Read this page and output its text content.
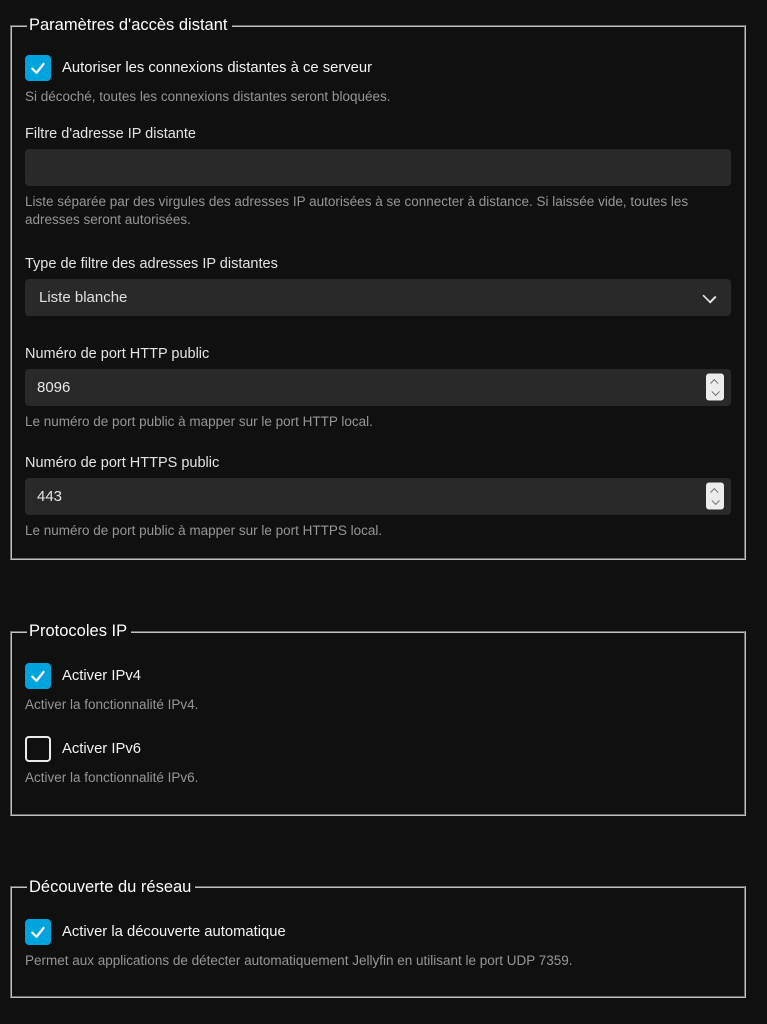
Paramètres d'accès distant
Autoriser les connexions distantes à ce serveur
Si décoché, toutes les connexions distantes seront bloquées.
Filtre d'adresse IP distante
Liste séparée par des virgules des adresses IP autorisées à se connecter à distance. Si laissée vide, toutes les adresses seront autorisées.
Type de filtre des adresses IP distantes
Liste blanche
Numéro de port HTTP public
8096
Le numéro de port public à mapper sur le port HTTP local.
Numéro de port HTTPS public
443
Le numéro de port public à mapper sur le port HTTPS local.
Protocoles IP
Activer IPv4
Activer la fonctionnalité IPv4.
Activer IPv6
Activer la fonctionnalité IPv6.
Découverte du réseau
Activer la découverte automatique
Permet aux applications de détecter automatiquement Jellyfin en utilisant le port UDP 7359.
